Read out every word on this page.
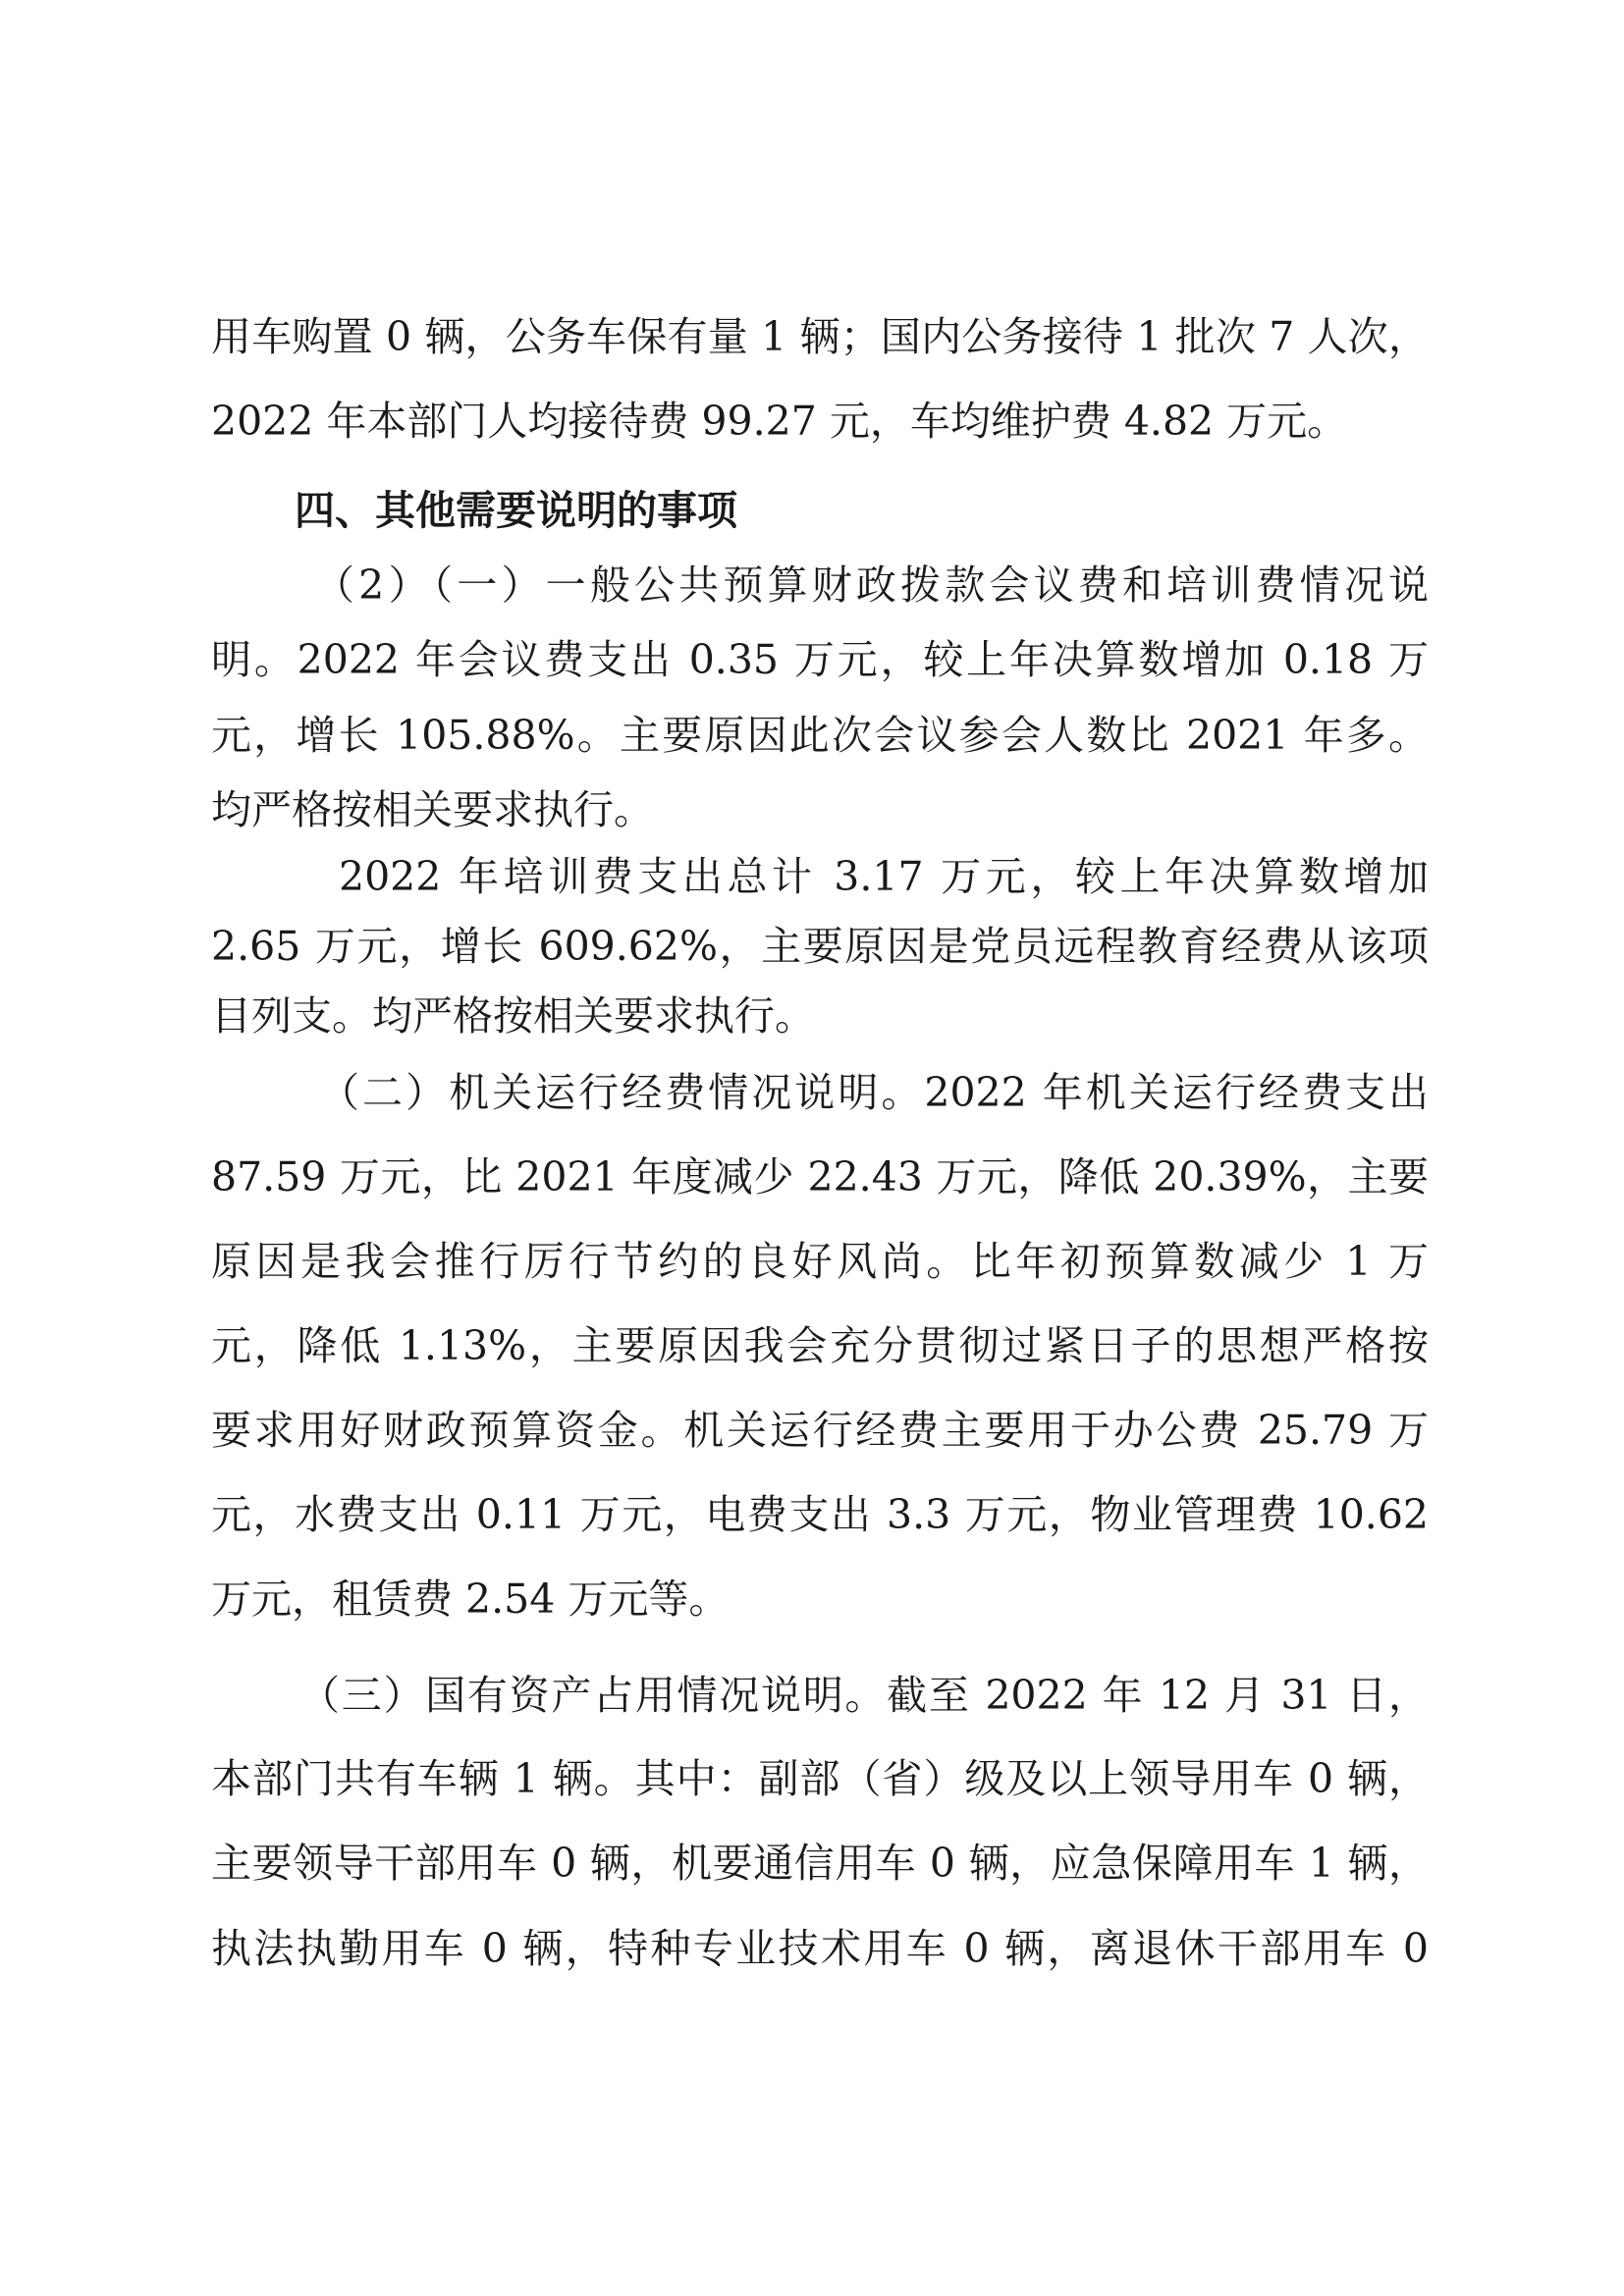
用车购置 0 辆，公务车保有量 1 辆；国内公务接待 1 批次 7 人次，
2022 年本部门人均接待费 99.27 元，车均维护费 4.82 万元。
四、其他需要说明的事项
（2）（一）一般公共预算财政拨款会议费和培训费情况说
明。2022 年会议费支出 0.35 万元，较上年决算数增加 0.18 万
元，增长 105.88%。主要原因此次会议参会人数比 2021 年多。
均严格按相关要求执行。
2022 年培训费支出总计 3.17 万元，较上年决算数增加
2.65 万元，增长 609.62%，主要原因是党员远程教育经费从该项
目列支。均严格按相关要求执行。
（二）机关运行经费情况说明。2022 年机关运行经费支出
87.59 万元，比 2021 年度减少 22.43 万元，降低 20.39%，主要
原因是我会推行厉行节约的良好风尚。比年初预算数减少 1 万
元，降低 1.13%，主要原因我会充分贯彻过紧日子的思想严格按
要求用好财政预算资金。机关运行经费主要用于办公费 25.79 万
元，水费支出 0.11 万元，电费支出 3.3 万元，物业管理费 10.62
万元，租赁费 2.54 万元等。
（三）国有资产占用情况说明。截至 2022 年 12 月 31 日，
本部门共有车辆 1 辆。其中：副部（省）级及以上领导用车 0 辆，
主要领导干部用车 0 辆，机要通信用车 0 辆，应急保障用车 1 辆，
执法执勤用车 0 辆，特种专业技术用车 0 辆，离退休干部用车 0
